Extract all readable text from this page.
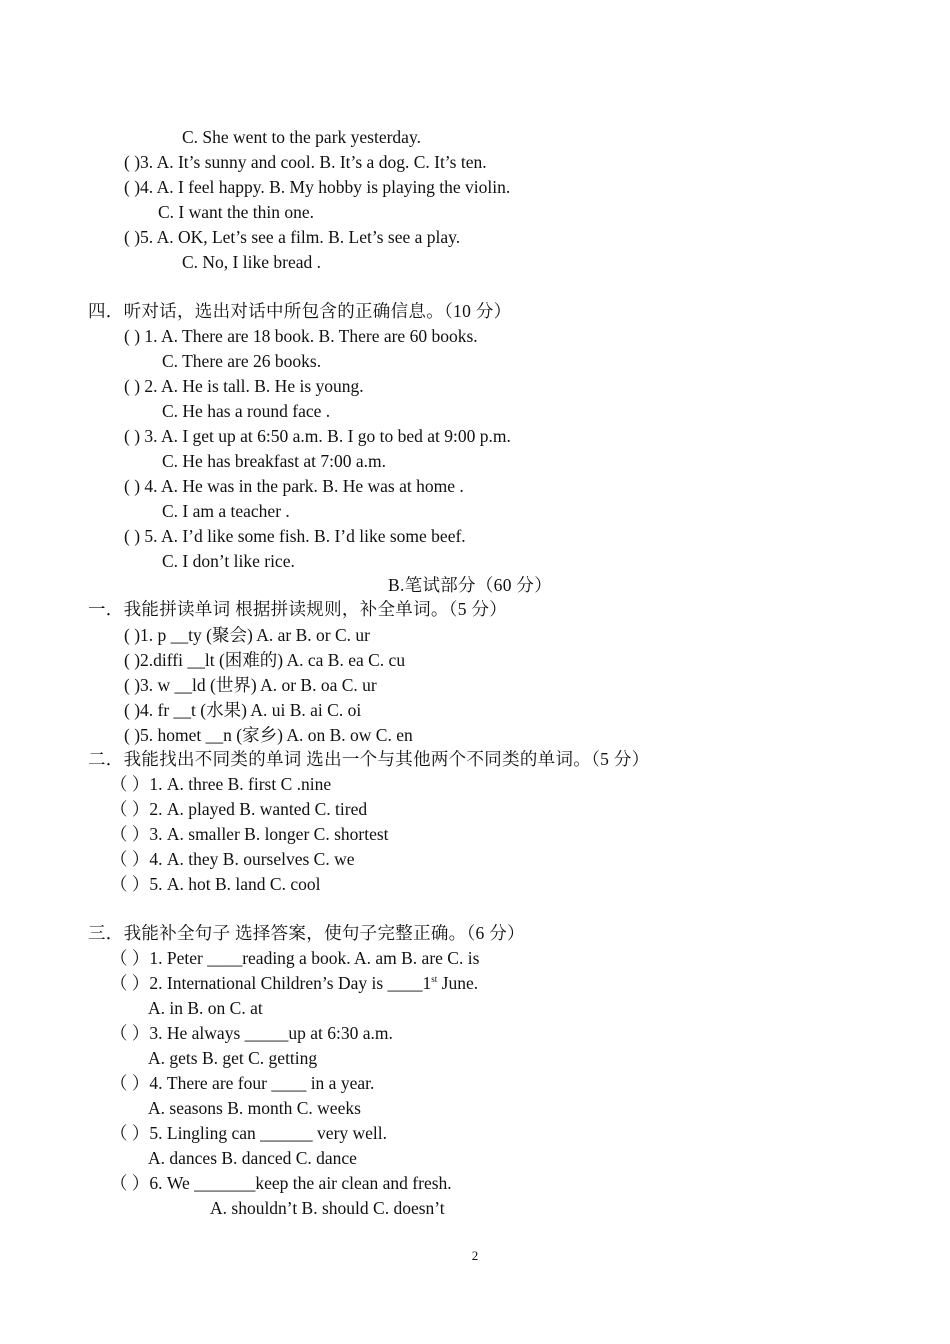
C. She went to the park yesterday.
( )3. A. It’s sunny and cool. B. It’s a dog. C. It’s ten.
( )4. A. I feel happy. B. My hobby is playing the violin.
C. I want the thin one.
( )5. A. OK, Let’s see a film. B. Let’s see a play.
C. No, I like bread .
四．听对话，选出对话中所包含的正确信息。（10 分）
( ) 1. A. There are 18 book. B. There are 60 books.
C. There are 26 books.
( ) 2. A. He is tall. B. He is young.
C. He has a round face .
( ) 3. A. I get up at 6:50 a.m. B. I go to bed at 9:00 p.m.
C. He has breakfast at 7:00 a.m.
( ) 4. A. He was in the park. B. He was at home .
C. I am a teacher .
( ) 5. A. I’d like some fish. B. I’d like some beef.
C. I don’t like rice.
B.笔试部分（60 分）
一．我能拼读单词 根据拼读规则，补全单词。（5 分）
( )1. p __ty (聚会) A. ar B. or C. ur
( )2.diffi __lt (困难的) A. ca B. ea C. cu
( )3. w __ld (世界) A. or B. oa C. ur
( )4. fr __t (水果) A. ui B. ai C. oi
( )5. homet __n (家乡) A. on B. ow C. en
二．我能找出不同类的单词 选出一个与其他两个不同类的单词。（5 分）
（ ）1. A. three B. first C .nine
（ ）2. A. played B. wanted C. tired
（ ）3. A. smaller B. longer C. shortest
（ ）4. A. they B. ourselves C. we
（ ）5. A. hot B. land C. cool
三．我能补全句子 选择答案，使句子完整正确。（6 分）
（ ）1. Peter ____reading a book. A. am B. are C. is
（ ）2. International Children’s Day is ____1st June.
A. in B. on C. at
（ ）3. He always _____up at 6:30 a.m.
A. gets B. get C. getting
（ ）4. There are four ____ in a year.
A. seasons B. month C. weeks
（ ）5. Lingling can ______ very well.
A. dances B. danced C. dance
（ ）6. We _______keep the air clean and fresh.
A. shouldn’t B. should C. doesn’t
2
